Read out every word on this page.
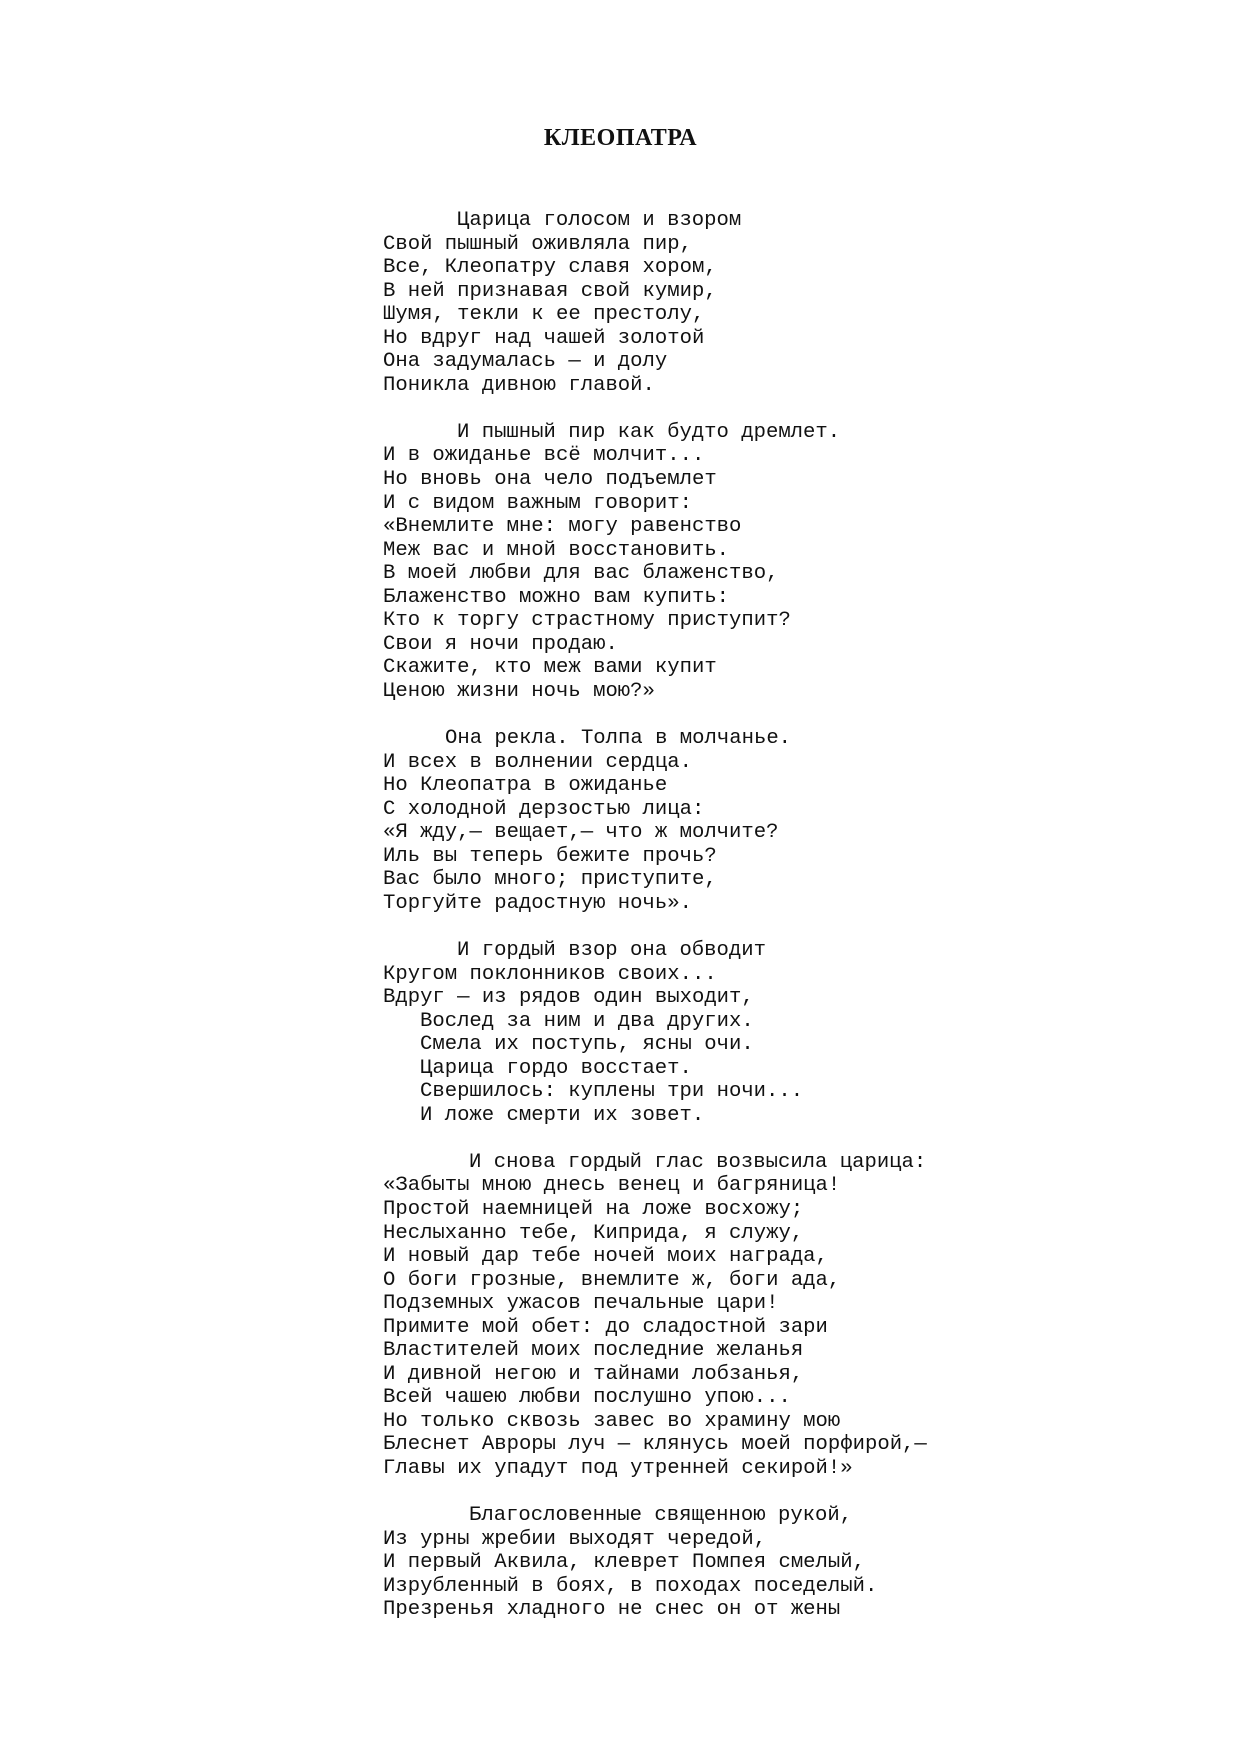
КЛЕОПАТРА
Царица голосом и взором
Свой пышный оживляла пир,
Все, Клеопатру славя хором,
В ней признавая свой кумир,
Шумя, текли к ее престолу,
Но вдруг над чашей золотой
Она задумалась — и долу
Поникла дивною главой.
И пышный пир как будто дремлет.
И в ожиданье всё молчит...
Но вновь она чело подъемлет
И с видом важным говорит:
«Внемлите мне: могу равенство
Меж вас и мной восстановить.
В моей любви для вас блаженство,
Блаженство можно вам купить:
Кто к торгу страстному приступит?
Свои я ночи продаю.
Скажите, кто меж вами купит
Ценою жизни ночь мою?»
Она рекла. Толпа в молчанье.
И всех в волнении сердца.
Но Клеопатра в ожиданье
С холодной дерзостью лица:
«Я жду,— вещает,— что ж молчите?
Иль вы теперь бежите прочь?
Вас было много; приступите,
Торгуйте радостную ночь».
И гордый взор она обводит
Кругом поклонников своих...
Вдруг — из рядов один выходит,
Вослед за ним и два других.
Смела их поступь, ясны очи.
Царица гордо восстает.
Свершилось: куплены три ночи...
И ложе смерти их зовет.
И снова гордый глас возвысила царица:
«Забыты мною днесь венец и багряница!
Простой наемницей на ложе восхожу;
Неслыханно тебе, Киприда, я служу,
И новый дар тебе ночей моих награда,
О боги грозные, внемлите ж, боги ада,
Подземных ужасов печальные цари!
Примите мой обет: до сладостной зари
Властителей моих последние желанья
И дивной негою и тайнами лобзанья,
Всей чашею любви послушно упою...
Но только сквозь завес во храмину мою
Блеснет Авроры луч — клянусь моей порфирой,—
Главы их упадут под утренней секирой!»
Благословенные священною рукой,
Из урны жребии выходят чередой,
И первый Аквила, клеврет Помпея смелый,
Изрубленный в боях, в походах поседелый.
Презренья хладного не снес он от жены
